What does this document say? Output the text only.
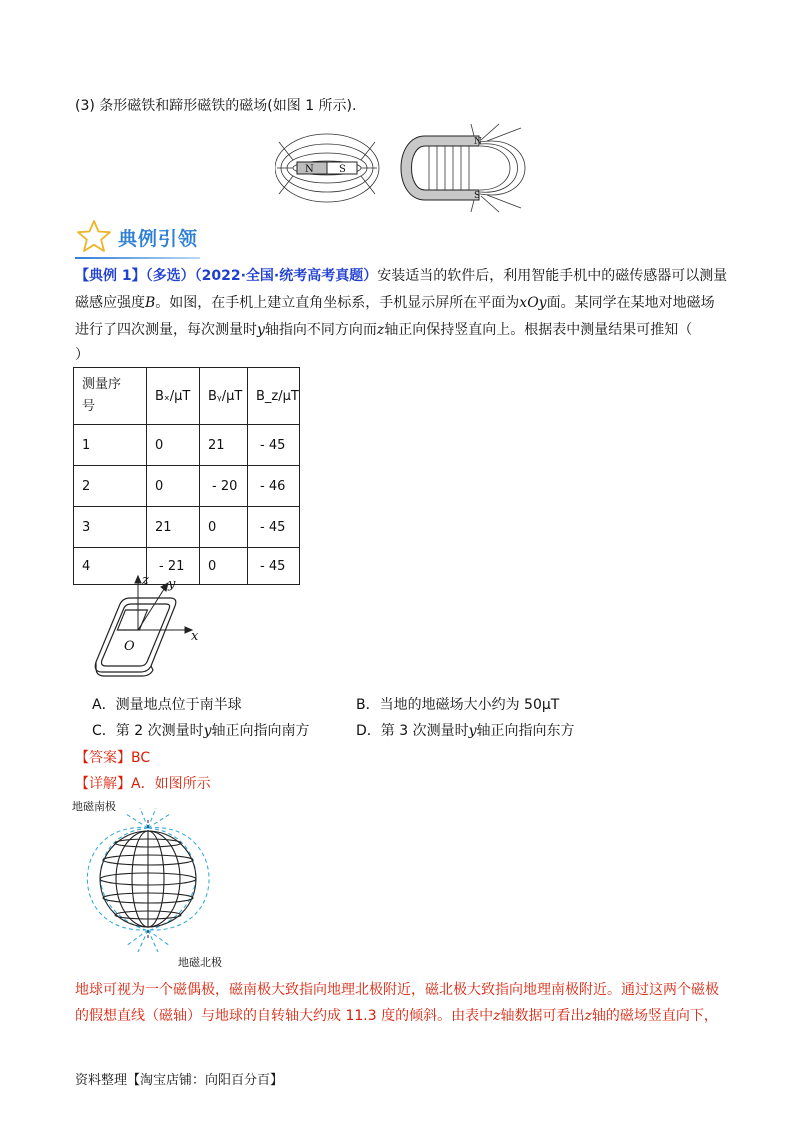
(3) 条形磁铁和蹄形磁铁的磁场(如图 1 所示).
N	S
N
S
典例引领
【典例 1】（多选）（2022·全国·统考高考真题）安装适当的软件后，利用智能手机中的磁传感器可以测量
磁感应强度B。如图，在手机上建立直角坐标系，手机显示屏所在平面为xOy面。某同学在某地对地磁场
进行了四次测量，每次测量时y轴指向不同方向而z轴正向保持竖直向上。根据表中测量结果可推知（
）
测量序
号	Bₓ/μT	Bᵧ/μT	B_z/μT
1	0	21	- 45
2	0	- 20	- 46
3	21	0	- 45
4	- 21	0	- 45
z y
x
O
A．测量地点位于南半球	B．当地的地磁场大小约为 50μT
C．第 2 次测量时y轴正向指向南方	D．第 3 次测量时y轴正向指向东方
【答案】BC
【详解】A．如图所示
地磁南极
地磁北极
地球可视为一个磁偶极，磁南极大致指向地理北极附近，磁北极大致指向地理南极附近。通过这两个磁极
的假想直线（磁轴）与地球的自转轴大约成 11.3 度的倾斜。由表中z轴数据可看出z轴的磁场竖直向下，
资料整理【淘宝店铺：向阳百分百】
